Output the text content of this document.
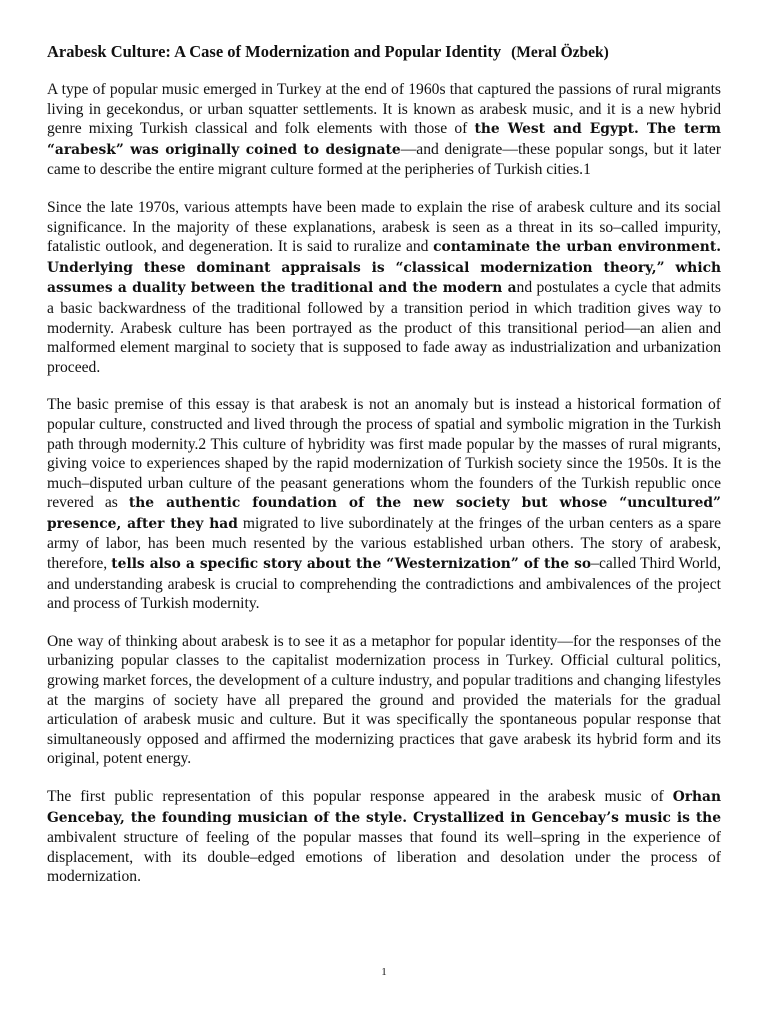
Arabesk Culture: A Case of Modernization and Popular Identity (Meral Özbek)

A type of popular music emerged in Turkey at the end of 1960s that captured the passions of rural migrants living in gecekondus, or urban squatter settlements. It is known as arabesk music, and it is a new hybrid genre mixing Turkish classical and folk elements with those of the West and Egypt. The term “arabesk” was originally coined to designate—and denigrate—these popular songs, but it later came to describe the entire migrant culture formed at the peripheries of Turkish cities.1

Since the late 1970s, various attempts have been made to explain the rise of arabesk culture and its social significance. In the majority of these explanations, arabesk is seen as a threat in its so–called impurity, fatalistic outlook, and degeneration. It is said to ruralize and contaminate the urban environment. Underlying these dominant appraisals is “classical modernization theory,” which assumes a duality between the traditional and the modern and postulates a cycle that admits a basic backwardness of the traditional followed by a transition period in which tradition gives way to modernity. Arabesk culture has been portrayed as the product of this transitional period—an alien and malformed element marginal to society that is supposed to fade away as industrialization and urbanization proceed.

The basic premise of this essay is that arabesk is not an anomaly but is instead a historical formation of popular culture, constructed and lived through the process of spatial and symbolic migration in the Turkish path through modernity.2 This culture of hybridity was first made popular by the masses of rural migrants, giving voice to experiences shaped by the rapid modernization of Turkish society since the 1950s. It is the much–disputed urban culture of the peasant generations whom the founders of the Turkish republic once revered as the authentic foundation of the new society but whose “uncultured” presence, after they had migrated to live subordinately at the fringes of the urban centers as a spare army of labor, has been much resented by the various established urban others. The story of arabesk, therefore, tells also a specific story about the “Westernization” of the so–called Third World, and understanding arabesk is crucial to comprehending the contradictions and ambivalences of the project and process of Turkish modernity.

One way of thinking about arabesk is to see it as a metaphor for popular identity—for the responses of the urbanizing popular classes to the capitalist modernization process in Turkey. Official cultural politics, growing market forces, the development of a culture industry, and popular traditions and changing lifestyles at the margins of society have all prepared the ground and provided the materials for the gradual articulation of arabesk music and culture. But it was specifically the spontaneous popular response that simultaneously opposed and affirmed the modernizing practices that gave arabesk its hybrid form and its original, potent energy.

The first public representation of this popular response appeared in the arabesk music of Orhan Gencebay, the founding musician of the style. Crystallized in Gencebay’s music is the ambivalent structure of feeling of the popular masses that found its well–spring in the experience of displacement, with its double–edged emotions of liberation and desolation under the process of modernization.

1
